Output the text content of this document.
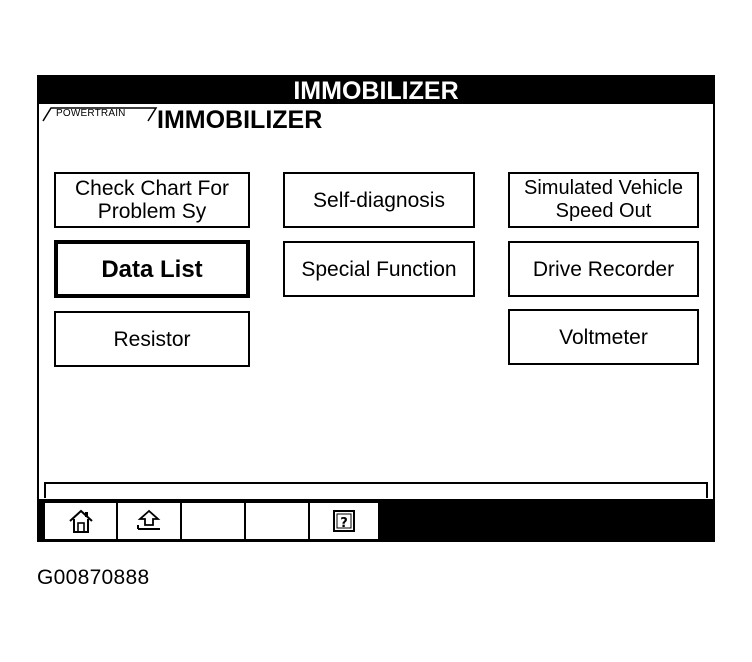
IMMOBILIZER
POWERTRAIN IMMOBILIZER
Check Chart For
Problem Sy	Self-diagnosis
Simulated Vehicle
Speed Out
Data List	Special Function	Drive Recorder
Resistor	Voltmeter
?
G00870888
